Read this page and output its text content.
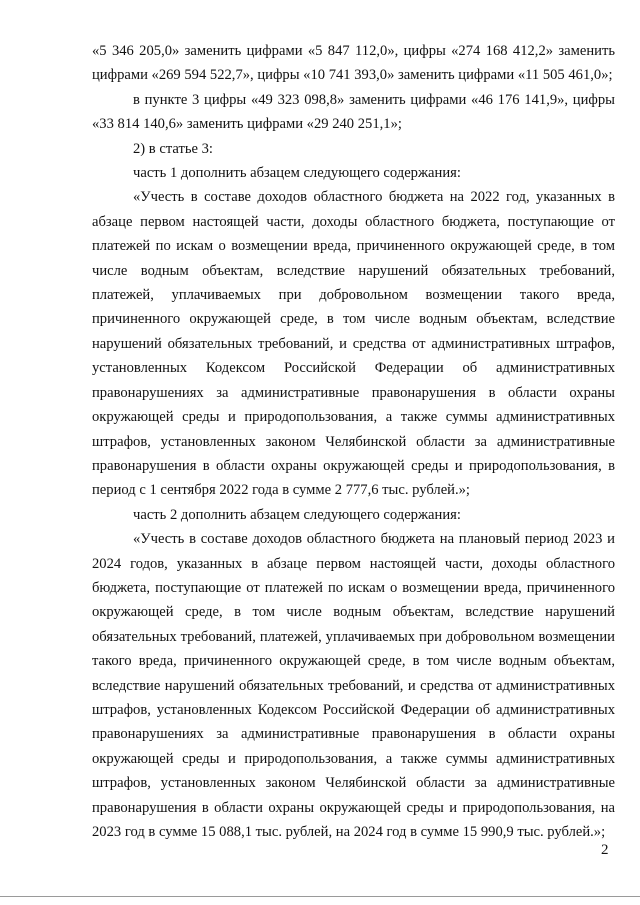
«5 346 205,0» заменить цифрами «5 847 112,0», цифры «274 168 412,2» заменить цифрами «269 594 522,7», цифры «10 741 393,0» заменить цифрами «11 505 461,0»;

в пункте 3 цифры «49 323 098,8» заменить цифрами «46 176 141,9», цифры «33 814 140,6» заменить цифрами «29 240 251,1»;

2) в статье 3:

часть 1 дополнить абзацем следующего содержания:

«Учесть в составе доходов областного бюджета на 2022 год, указанных в абзаце первом настоящей части, доходы областного бюджета, поступающие от платежей по искам о возмещении вреда, причиненного окружающей среде, в том числе водным объектам, вследствие нарушений обязательных требований, платежей, уплачиваемых при добровольном возмещении такого вреда, причиненного окружающей среде, в том числе водным объектам, вследствие нарушений обязательных требований, и средства от административных штрафов, установленных Кодексом Российской Федерации об административных правонарушениях за административные правонарушения в области охраны окружающей среды и природопользования, а также суммы административных штрафов, установленных законом Челябинской области за административные правонарушения в области охраны окружающей среды и природопользования, в период с 1 сентября 2022 года в сумме 2 777,6 тыс. рублей.»;

часть 2 дополнить абзацем следующего содержания:

«Учесть в составе доходов областного бюджета на плановый период 2023 и 2024 годов, указанных в абзаце первом настоящей части, доходы областного бюджета, поступающие от платежей по искам о возмещении вреда, причиненного окружающей среде, в том числе водным объектам, вследствие нарушений обязательных требований, платежей, уплачиваемых при добровольном возмещении такого вреда, причиненного окружающей среде, в том числе водным объектам, вследствие нарушений обязательных требований, и средства от административных штрафов, установленных Кодексом Российской Федерации об административных правонарушениях за административные правонарушения в области охраны окружающей среды и природопользования, а также суммы административных штрафов, установленных законом Челябинской области за административные правонарушения в области охраны окружающей среды и природопользования, на 2023 год в сумме 15 088,1 тыс. рублей, на 2024 год в сумме 15 990,9 тыс. рублей.»;

2
